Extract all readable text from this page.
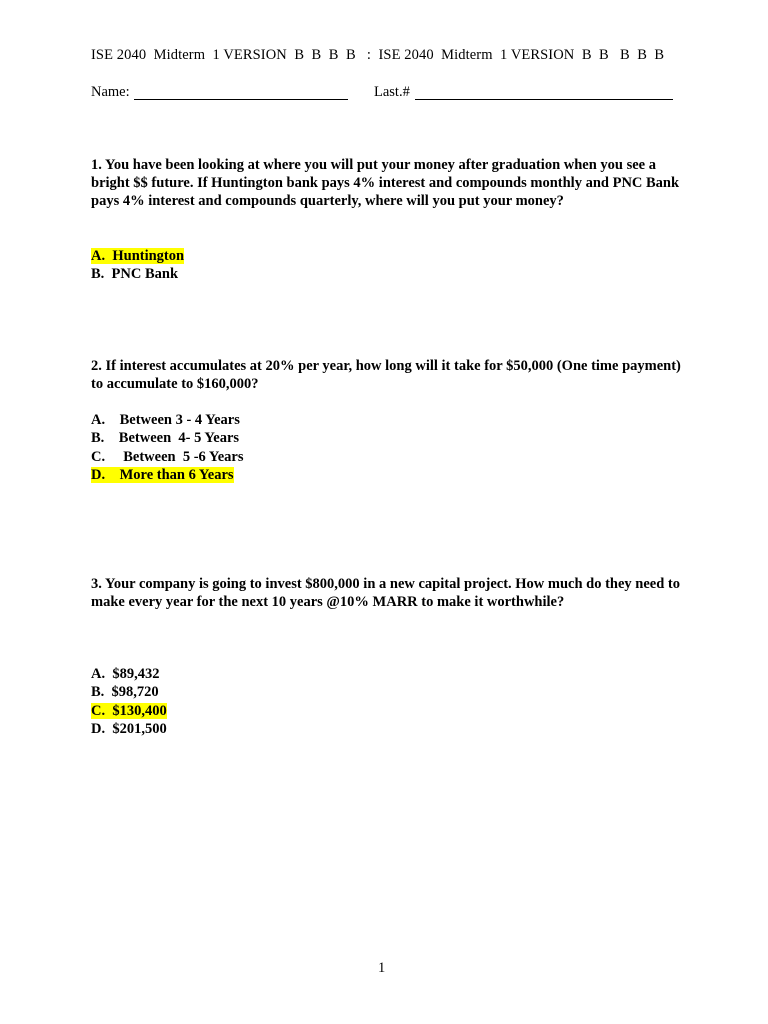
ISE 2040  Midterm  1 VERSION  B  B  B  B   :  ISE 2040  Midterm  1 VERSION  B  B   B  B  B
Name:	Last.#
1. You have been looking at where you will put your money after graduation when you see a bright $$ future. If Huntington bank pays 4% interest and compounds monthly and PNC Bank pays 4% interest and compounds quarterly, where will you put your money?
A.  Huntington
B.  PNC Bank
2. If interest accumulates at 20% per year, how long will it take for $50,000 (One time payment) to accumulate to $160,000?
A.    Between 3 - 4 Years
B.    Between  4- 5 Years
C.     Between  5 -6 Years
D.    More than 6 Years
3. Your company is going to invest $800,000 in a new capital project. How much do they need to make every year for the next 10 years @10% MARR to make it worthwhile?
A.  $89,432
B.  $98,720
C.  $130,400
D.  $201,500
1
